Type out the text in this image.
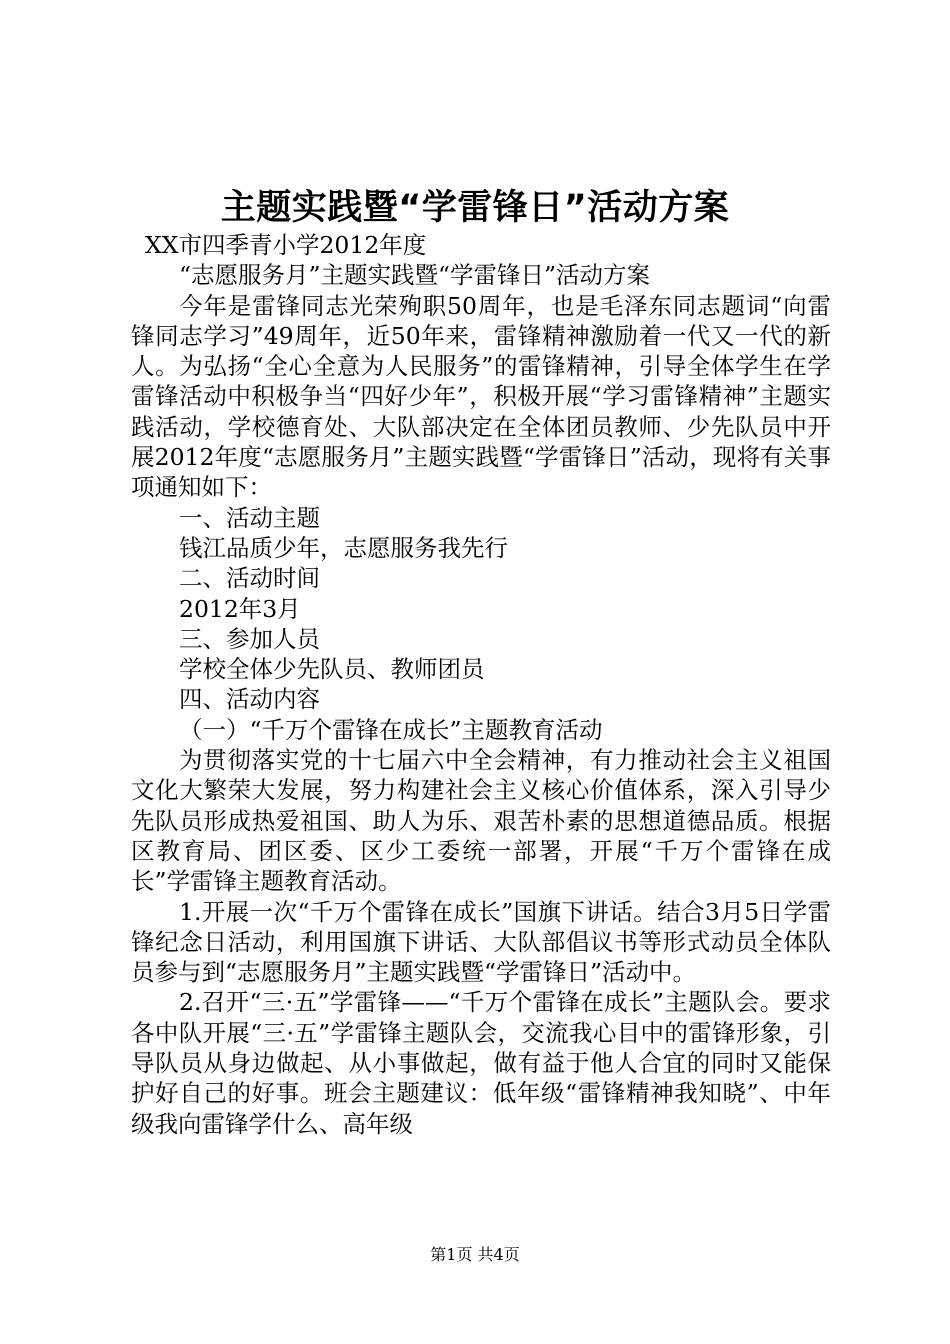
主题实践暨“学雷锋日”活动方案

XX市四季青小学2012年度

“志愿服务月”主题实践暨“学雷锋日”活动方案

今年是雷锋同志光荣殉职50周年，也是毛泽东同志题词“向雷锋同志学习”49周年，近50年来，雷锋精神激励着一代又一代的新人。为弘扬“全心全意为人民服务”的雷锋精神，引导全体学生在学雷锋活动中积极争当“四好少年”，积极开展“学习雷锋精神”主题实践活动，学校德育处、大队部决定在全体团员教师、少先队员中开展2012年度“志愿服务月”主题实践暨“学雷锋日”活动，现将有关事项通知如下：

一、活动主题

钱江品质少年，志愿服务我先行

二、活动时间

2012年3月

三、参加人员

学校全体少先队员、教师团员

四、活动内容

（一）“千万个雷锋在成长”主题教育活动

为贯彻落实党的十七届六中全会精神，有力推动社会主义祖国文化大繁荣大发展，努力构建社会主义核心价值体系，深入引导少先队员形成热爱祖国、助人为乐、艰苦朴素的思想道德品质。根据区教育局、团区委、区少工委统一部署，开展“千万个雷锋在成长”学雷锋主题教育活动。

1.开展一次“千万个雷锋在成长”国旗下讲话。结合3月5日学雷锋纪念日活动，利用国旗下讲话、大队部倡议书等形式动员全体队员参与到“志愿服务月”主题实践暨“学雷锋日”活动中。

2.召开“三·五”学雷锋——“千万个雷锋在成长”主题队会。要求各中队开展“三·五”学雷锋主题队会，交流我心目中的雷锋形象，引导队员从身边做起、从小事做起，做有益于他人合宜的同时又能保护好自己的好事。班会主题建议：低年级“雷锋精神我知晓”、中年级我向雷锋学什么、高年级

第1页 共4页
